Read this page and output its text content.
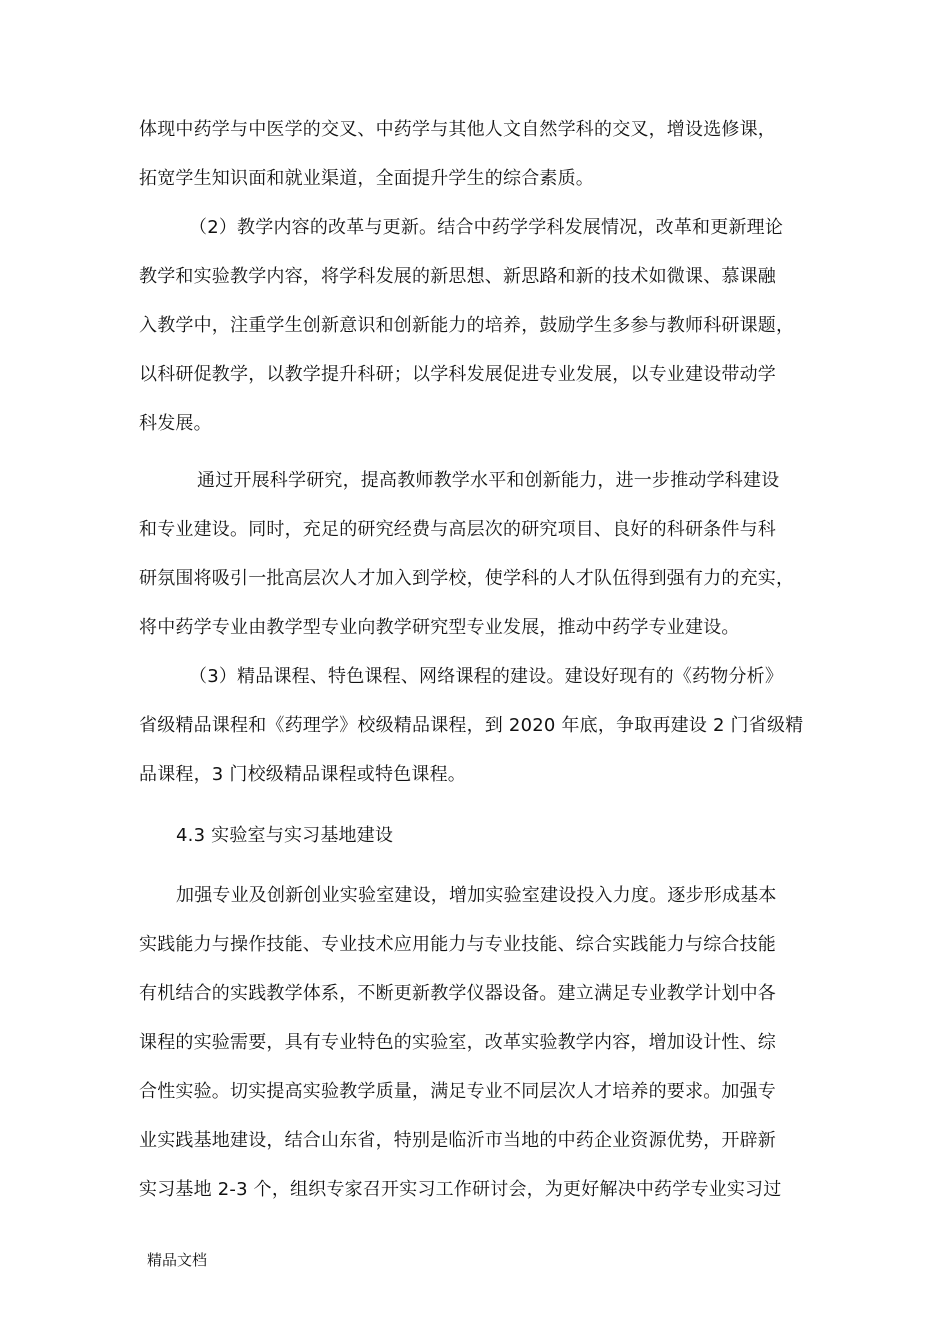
体现中药学与中医学的交叉、中药学与其他人文自然学科的交叉，增设选修课，
拓宽学生知识面和就业渠道，全面提升学生的综合素质。
（2）教学内容的改革与更新。结合中药学学科发展情况，改革和更新理论
教学和实验教学内容，将学科发展的新思想、新思路和新的技术如微课、慕课融
入教学中，注重学生创新意识和创新能力的培养，鼓励学生多参与教师科研课题，
以科研促教学，以教学提升科研；以学科发展促进专业发展，以专业建设带动学
科发展。
通过开展科学研究，提高教师教学水平和创新能力，进一步推动学科建设
和专业建设。同时，充足的研究经费与高层次的研究项目、良好的科研条件与科
研氛围将吸引一批高层次人才加入到学校，使学科的人才队伍得到强有力的充实，
将中药学专业由教学型专业向教学研究型专业发展，推动中药学专业建设。
（3）精品课程、特色课程、网络课程的建设。建设好现有的《药物分析》
省级精品课程和《药理学》校级精品课程，到 2020 年底，争取再建设 2 门省级精
品课程，3 门校级精品课程或特色课程。
4.3 实验室与实习基地建设
加强专业及创新创业实验室建设，增加实验室建设投入力度。逐步形成基本
实践能力与操作技能、专业技术应用能力与专业技能、综合实践能力与综合技能
有机结合的实践教学体系，不断更新教学仪器设备。建立满足专业教学计划中各
课程的实验需要，具有专业特色的实验室，改革实验教学内容，增加设计性、综
合性实验。切实提高实验教学质量，满足专业不同层次人才培养的要求。加强专
业实践基地建设，结合山东省，特别是临沂市当地的中药企业资源优势，开辟新
实习基地 2-3 个，组织专家召开实习工作研讨会，为更好解决中药学专业实习过
精品文档
